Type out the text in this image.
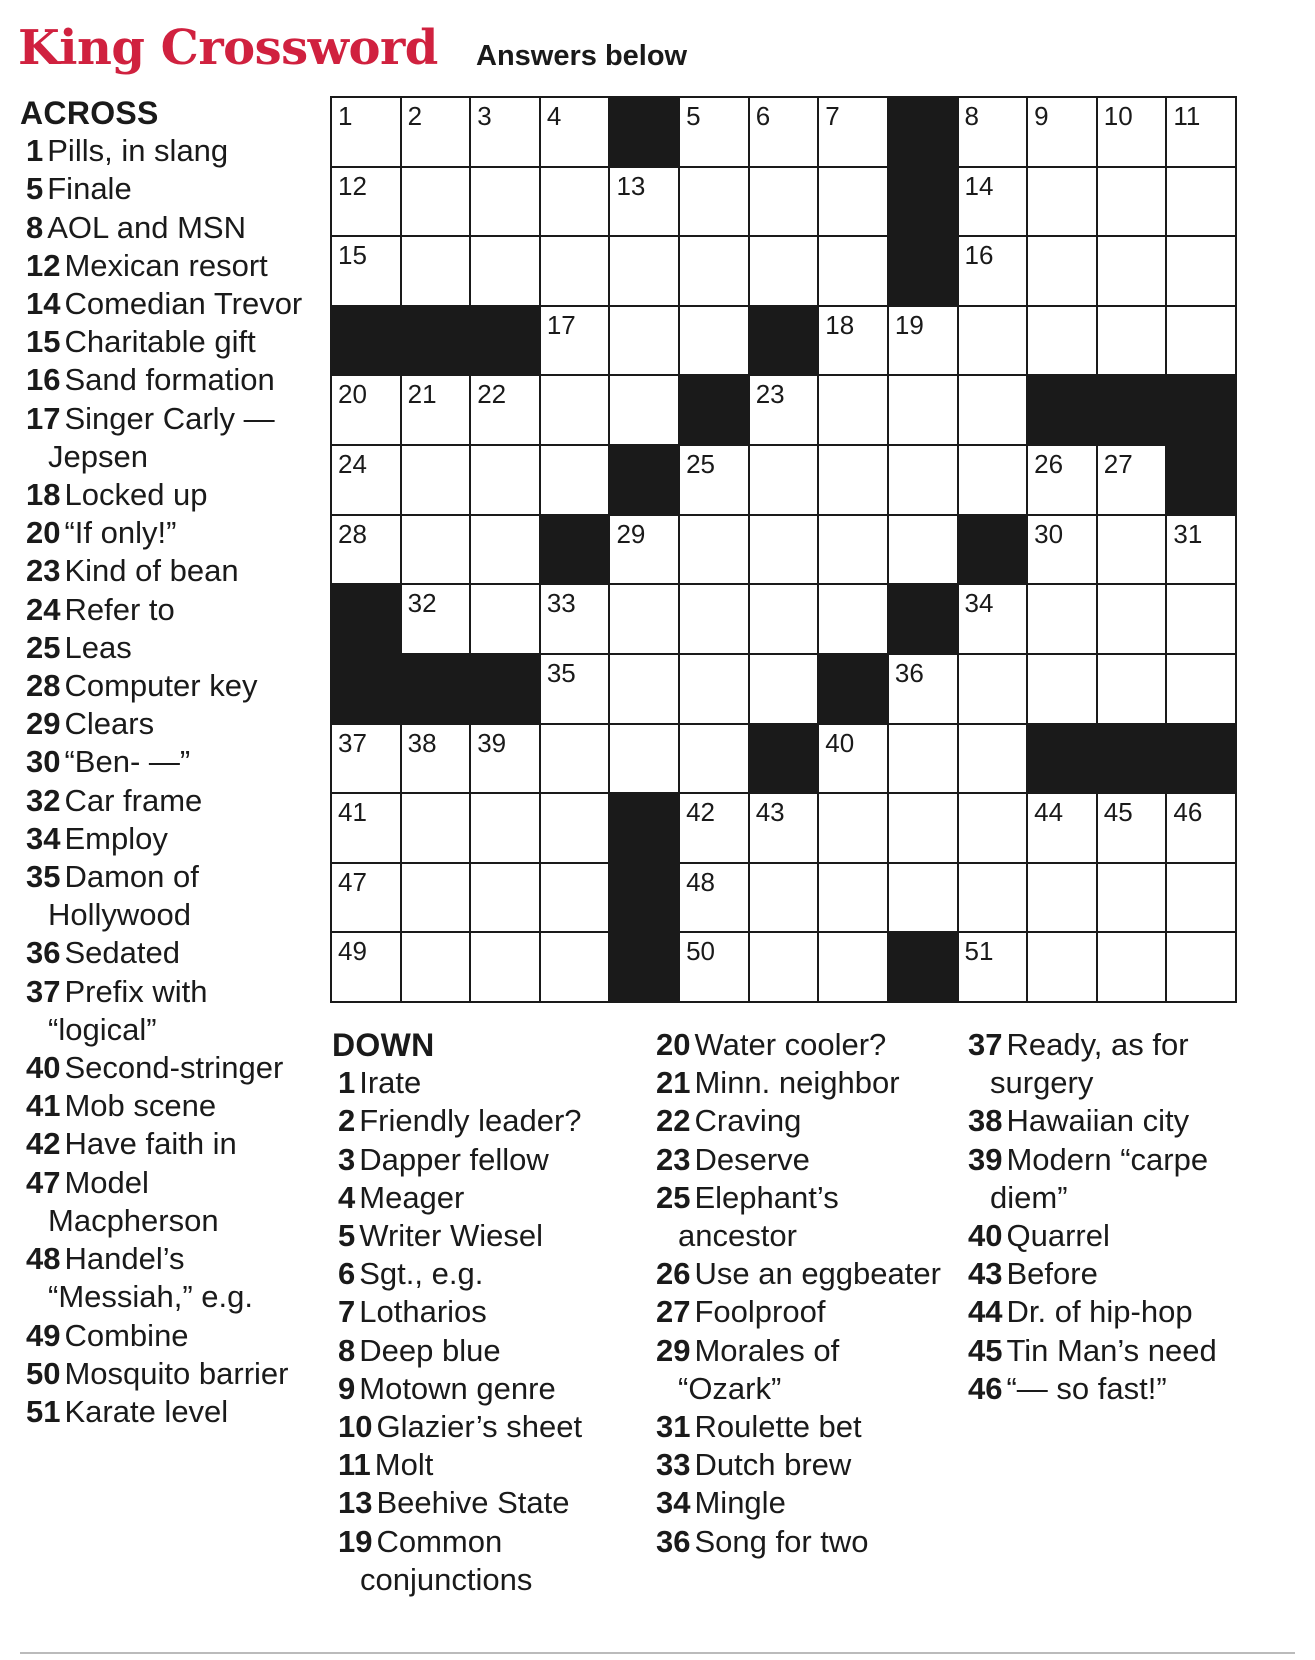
King Crossword Answers below
ACROSS
1 Pills, in slang
5 Finale
8 AOL and MSN
12 Mexican resort
14 Comedian Trevor
15 Charitable gift
16 Sand formation
17 Singer Carly — Jepsen
18 Locked up
20 “If only!”
23 Kind of bean
24 Refer to
25 Leas
28 Computer key
29 Clears
30 “Ben- —”
32 Car frame
34 Employ
35 Damon of Hollywood
36 Sedated
37 Prefix with “logical”
40 Second-stringer
41 Mob scene
42 Have faith in
47 Model Macpherson
48 Handel’s “Messiah,” e.g.
49 Combine
50 Mosquito barrier
51 Karate level
1 2 3 4	5 6 7	8 9 10 11
12	13	14
15	16
17	18 19
20 21 22	23
24	25	26 27
28	29	30	31
32	33	34
35	36
37 38 39	40
41	42 43	44 45 46
47	48
49	50	51
DOWN
1 Irate
2 Friendly leader?
3 Dapper fellow
4 Meager
5 Writer Wiesel
6 Sgt., e.g.
7 Lotharios
8 Deep blue
9 Motown genre
10 Glazier’s sheet
11 Molt
13 Beehive State
19 Common conjunctions
20 Water cooler?
21 Minn. neighbor
22 Craving
23 Deserve
25 Elephant’s ancestor
26 Use an eggbeater
27 Foolproof
29 Morales of “Ozark”
31 Roulette bet
33 Dutch brew
34 Mingle
36 Song for two
37 Ready, as for surgery
38 Hawaiian city
39 Modern “carpe diem”
40 Quarrel
43 Before
44 Dr. of hip-hop
45 Tin Man’s need
46 “— so fast!”
